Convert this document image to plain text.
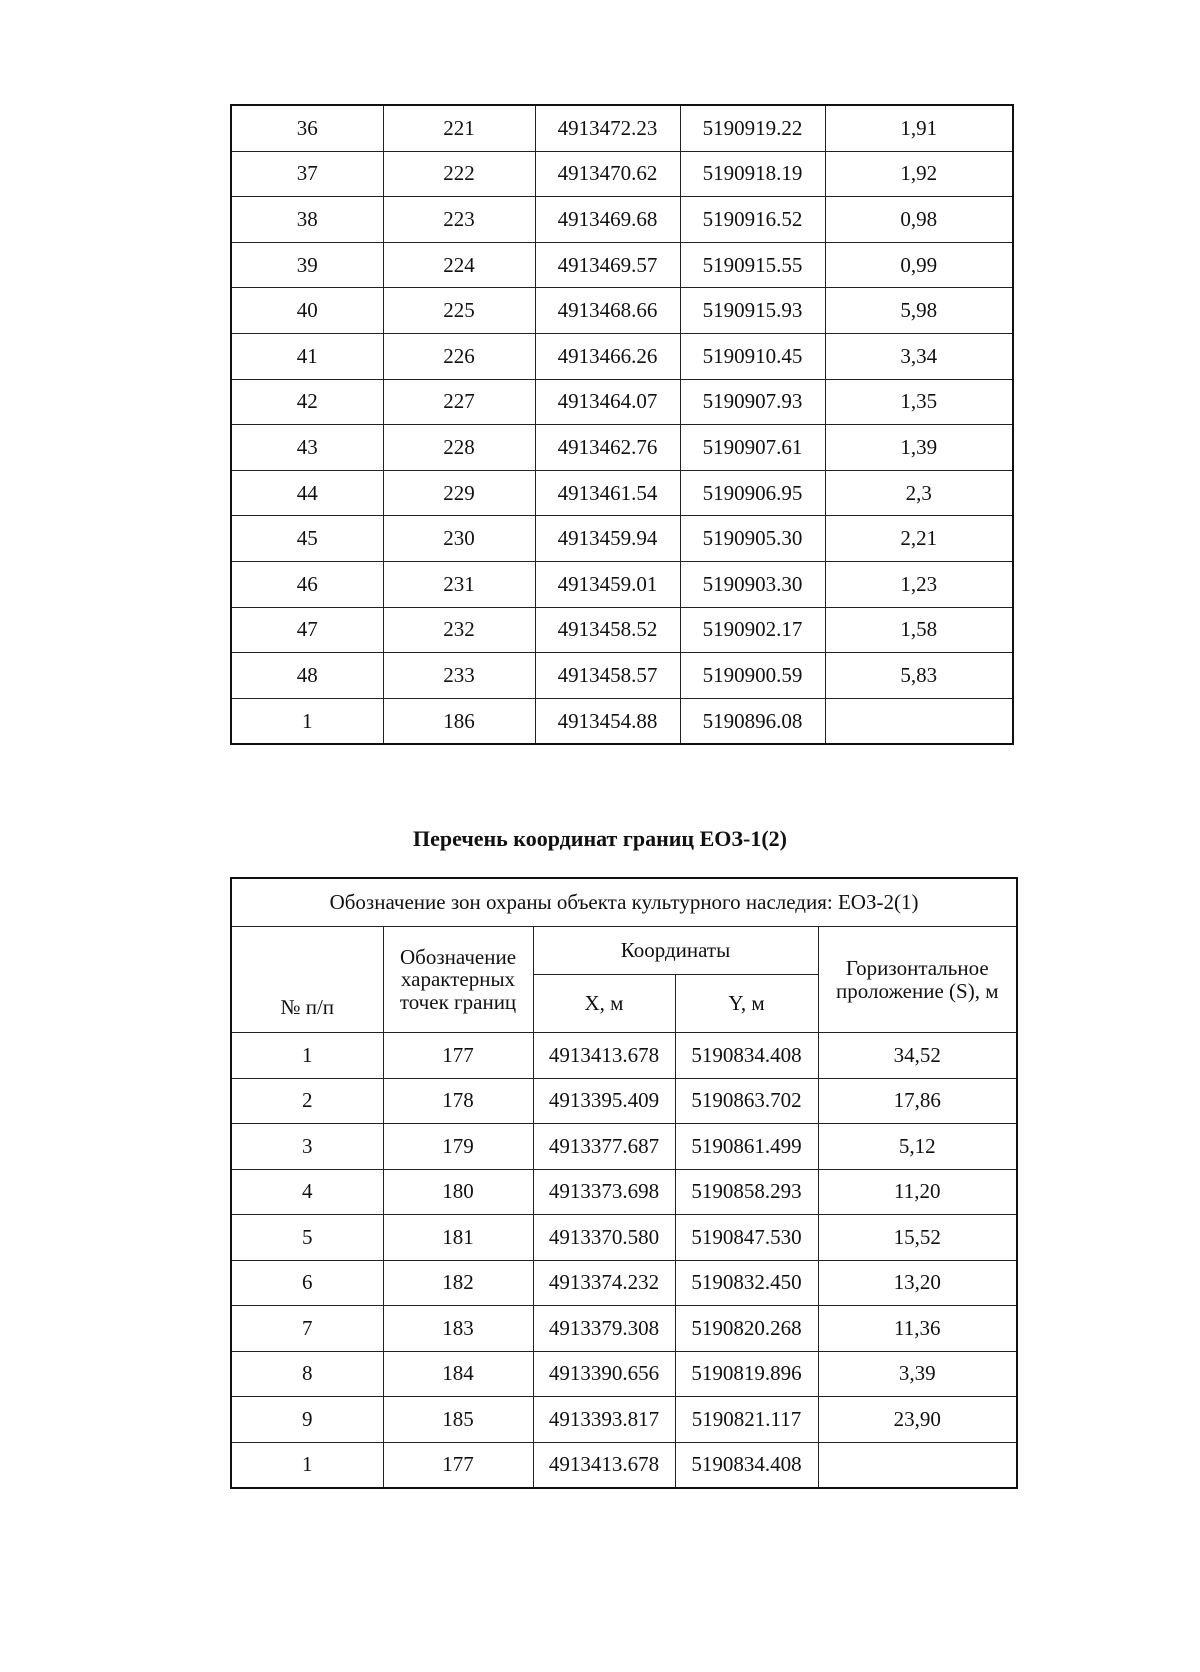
36	221	4913472.23	5190919.22	1,91
37	222	4913470.62	5190918.19	1,92
38	223	4913469.68	5190916.52	0,98
39	224	4913469.57	5190915.55	0,99
40	225	4913468.66	5190915.93	5,98
41	226	4913466.26	5190910.45	3,34
42	227	4913464.07	5190907.93	1,35
43	228	4913462.76	5190907.61	1,39
44	229	4913461.54	5190906.95	2,3
45	230	4913459.94	5190905.30	2,21
46	231	4913459.01	5190903.30	1,23
47	232	4913458.52	5190902.17	1,58
48	233	4913458.57	5190900.59	5,83
1	186	4913454.88	5190896.08	
Перечень координат границ ЕОЗ-1(2)
Обозначение зон охраны объекта культурного наследия: ЕОЗ-2(1)				
№ п/п	Обозначение характерных точек границ	Координаты		Горизонтальное проложение (S), м
		X, м	Y, м	
1	177	4913413.678	5190834.408	34,52
2	178	4913395.409	5190863.702	17,86
3	179	4913377.687	5190861.499	5,12
4	180	4913373.698	5190858.293	11,20
5	181	4913370.580	5190847.530	15,52
6	182	4913374.232	5190832.450	13,20
7	183	4913379.308	5190820.268	11,36
8	184	4913390.656	5190819.896	3,39
9	185	4913393.817	5190821.117	23,90
1	177	4913413.678	5190834.408	
